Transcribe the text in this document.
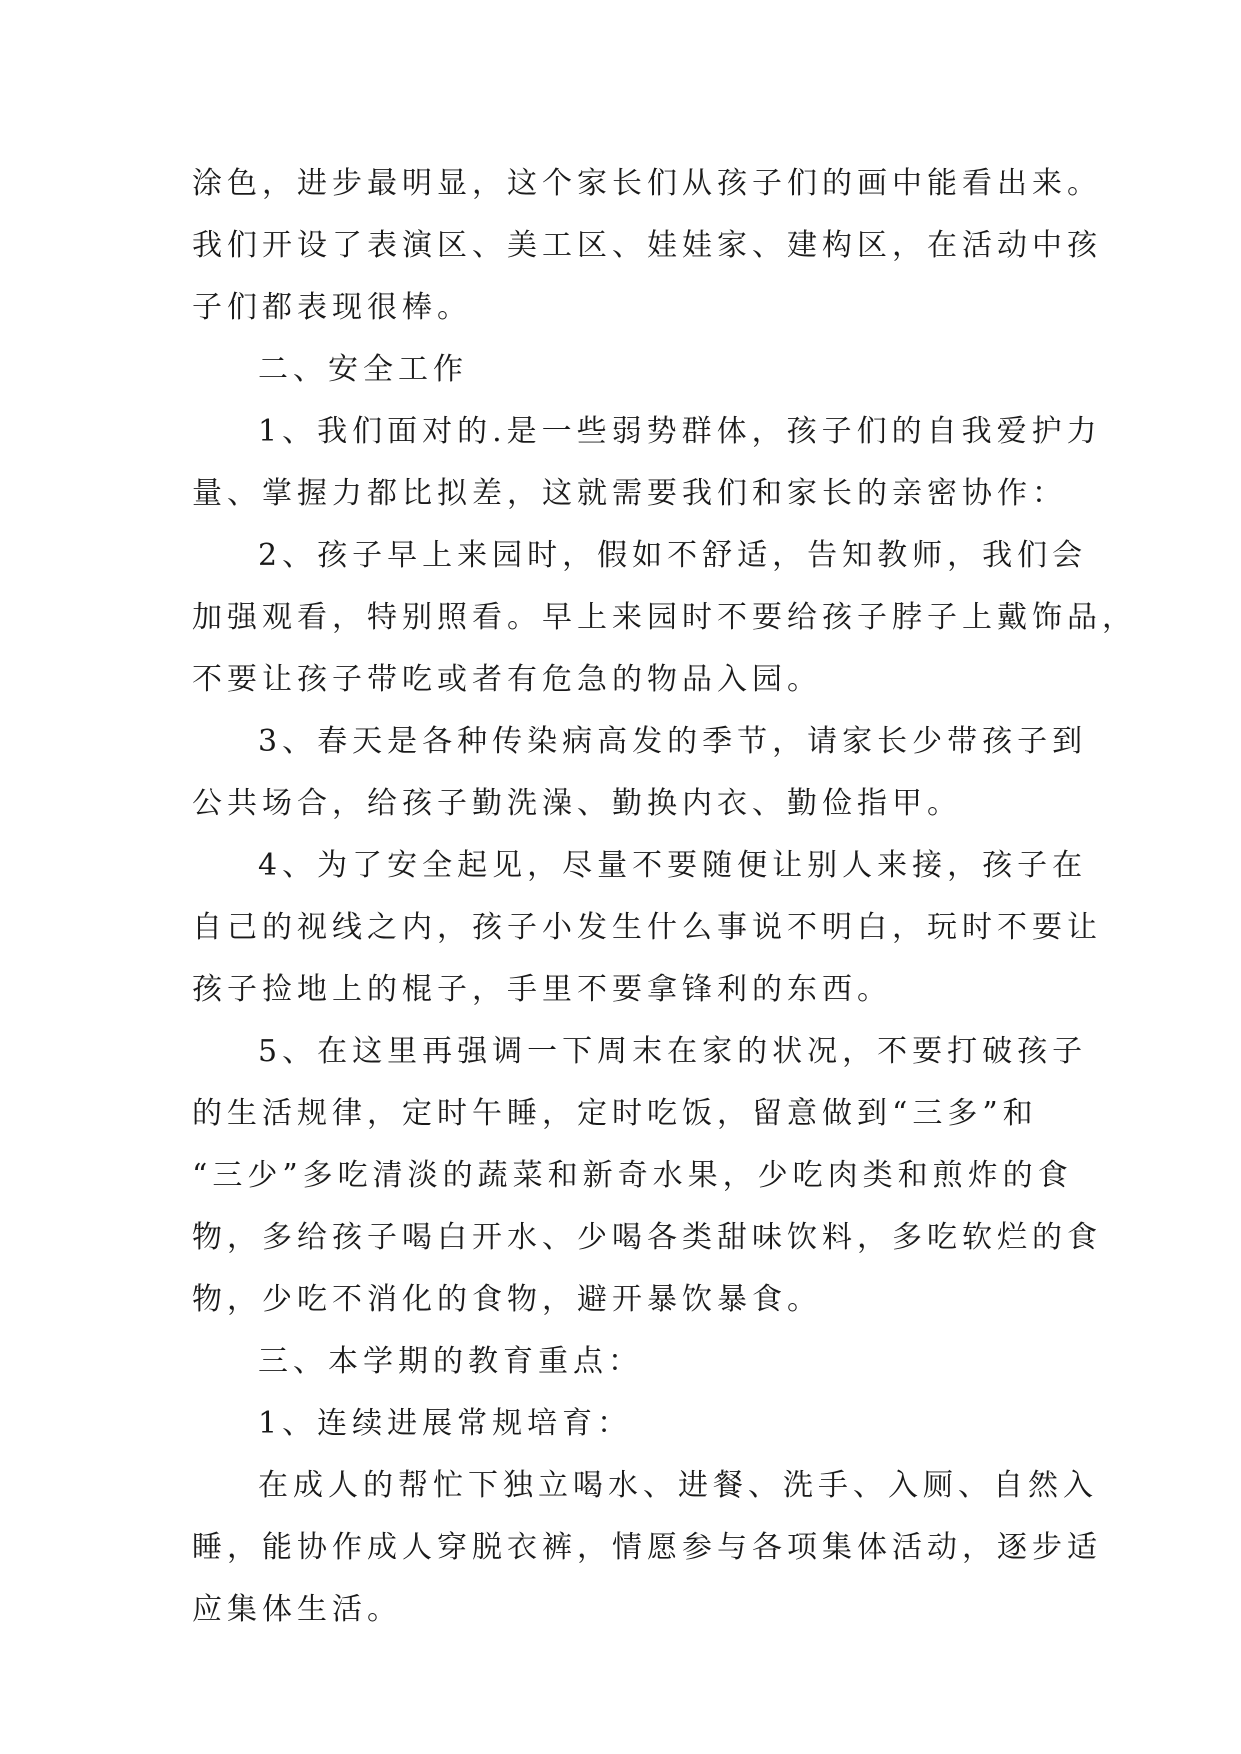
涂色，进步最明显，这个家长们从孩子们的画中能看出来。
我们开设了表演区、美工区、娃娃家、建构区，在活动中孩
子们都表现很棒。
二、安全工作
1、我们面对的.是一些弱势群体，孩子们的自我爱护力
量、掌握力都比拟差，这就需要我们和家长的亲密协作：
2、孩子早上来园时，假如不舒适，告知教师，我们会
加强观看，特别照看。早上来园时不要给孩子脖子上戴饰品，
不要让孩子带吃或者有危急的物品入园。
3、春天是各种传染病高发的季节，请家长少带孩子到
公共场合，给孩子勤洗澡、勤换内衣、勤俭指甲。
4、为了安全起见，尽量不要随便让别人来接，孩子在
自己的视线之内，孩子小发生什么事说不明白，玩时不要让
孩子捡地上的棍子，手里不要拿锋利的东西。
5、在这里再强调一下周末在家的状况，不要打破孩子
的生活规律，定时午睡，定时吃饭，留意做到“三多”和
“三少”多吃清淡的蔬菜和新奇水果，少吃肉类和煎炸的食
物，多给孩子喝白开水、少喝各类甜味饮料，多吃软烂的食
物，少吃不消化的食物，避开暴饮暴食。
三、本学期的教育重点：
1、连续进展常规培育：
在成人的帮忙下独立喝水、进餐、洗手、入厕、自然入
睡，能协作成人穿脱衣裤，情愿参与各项集体活动，逐步适
应集体生活。
